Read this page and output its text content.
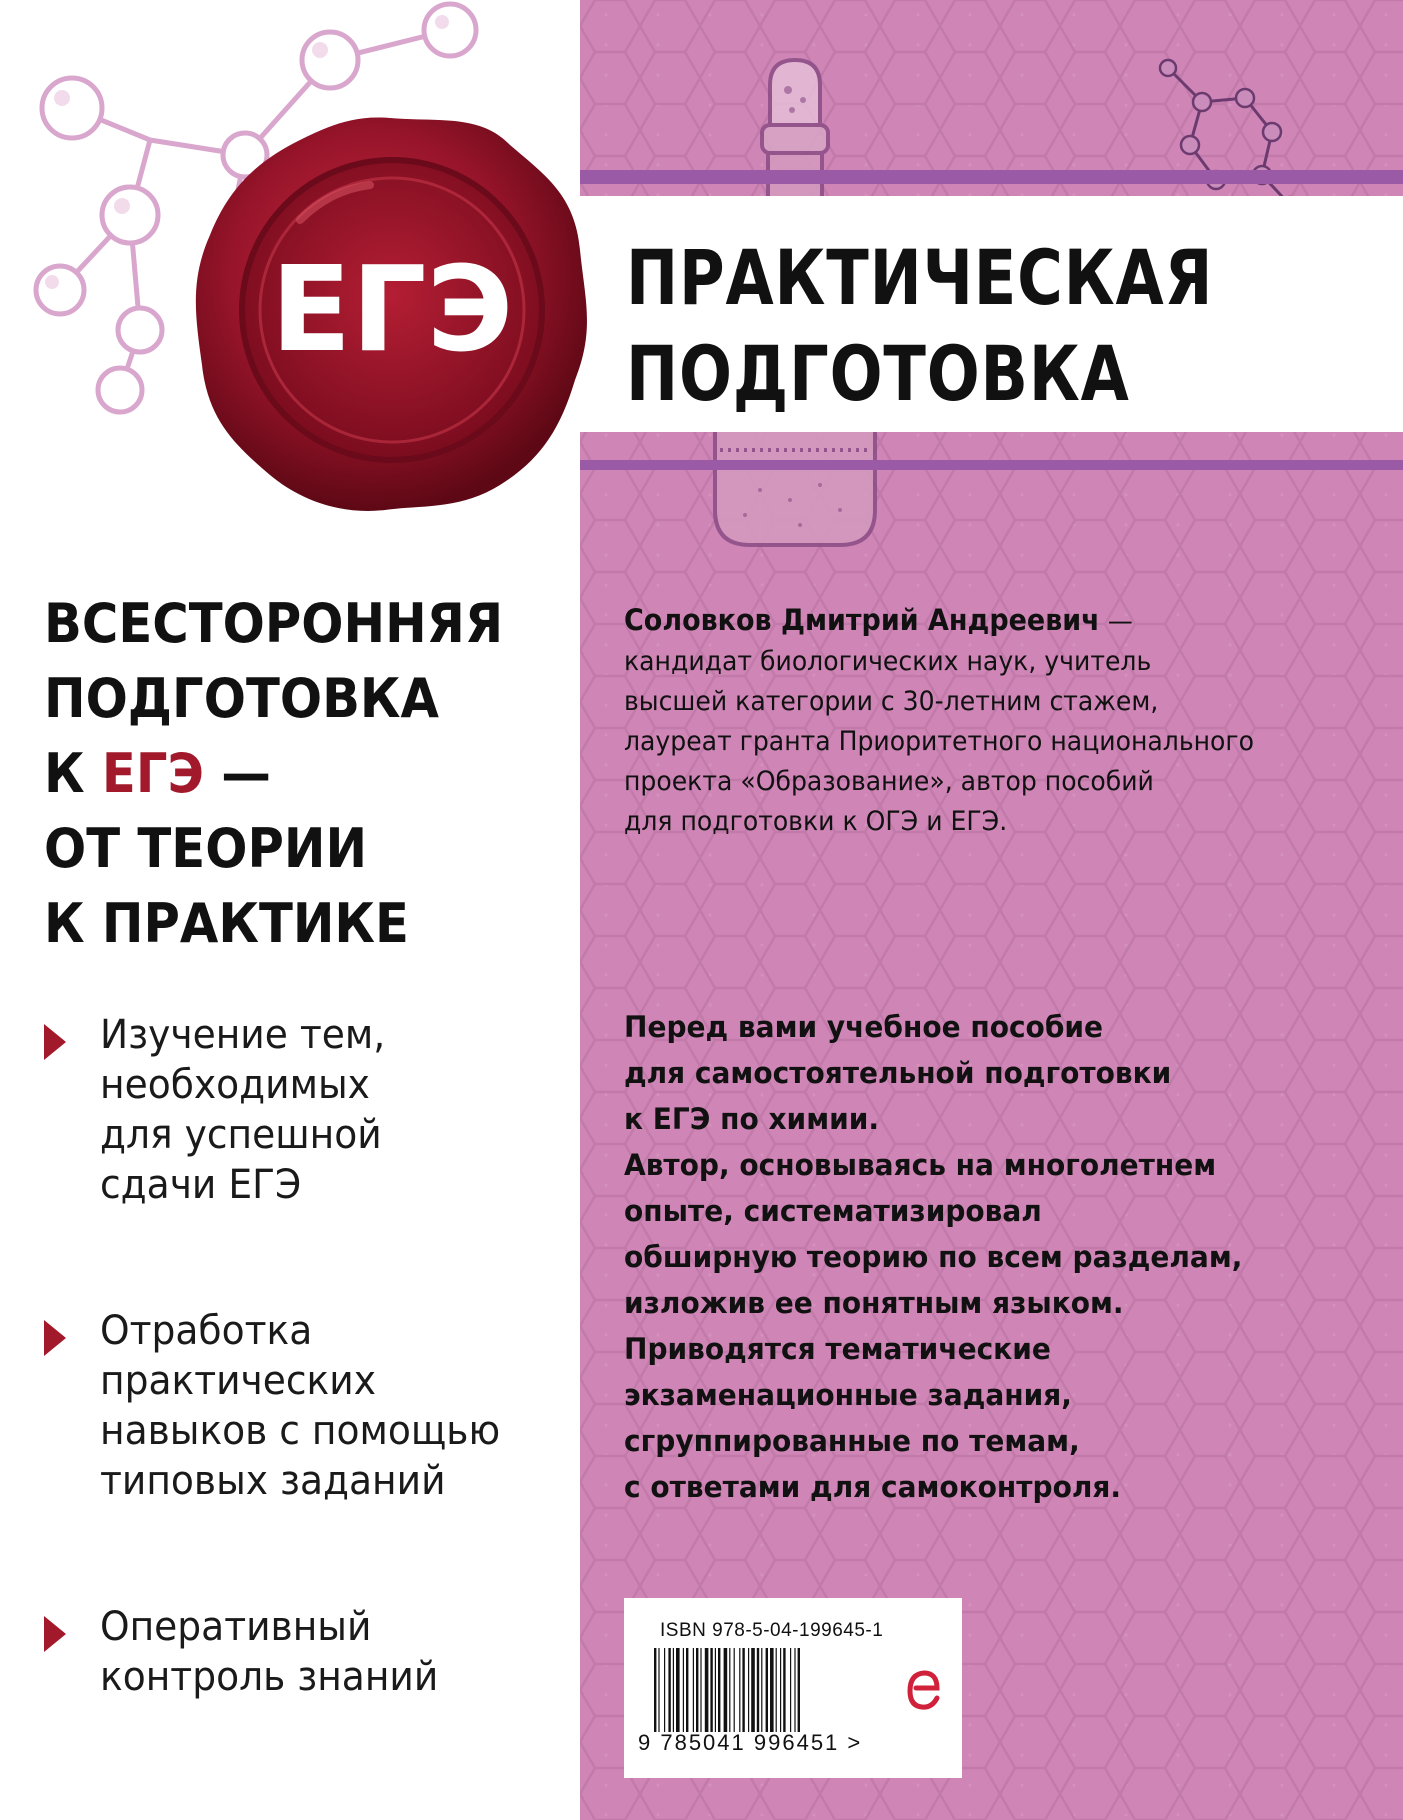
ПРАКТИЧЕСКАЯ
ПОДГОТОВКА
ЕГЭ
ВСЕСТОРОННЯЯ
ПОДГОТОВКА
К ЕГЭ —
ОТ ТЕОРИИ
К ПРАКТИКЕ
Изучение тем,
необходимых
для успешной
сдачи ЕГЭ
Отработка
практических
навыков с помощью
типовых заданий
Оперативный
контроль знаний
Соловков Дмитрий Андреевич —
кандидат биологических наук, учитель
высшей категории с 30-летним стажем,
лауреат гранта Приоритетного национального
проекта «Образование», автор пособий
для подготовки к ОГЭ и ЕГЭ.
Перед вами учебное пособие
для самостоятельной подготовки
к ЕГЭ по химии.
Автор, основываясь на многолетнем
опыте, систематизировал
обширную теорию по всем разделам,
изложив ее понятным языком.
Приводятся тематические
экзаменационные задания,
сгруппированные по темам,
с ответами для самоконтроля.
ISBN 978-5-04-199645-1
9 785041 996451 >
